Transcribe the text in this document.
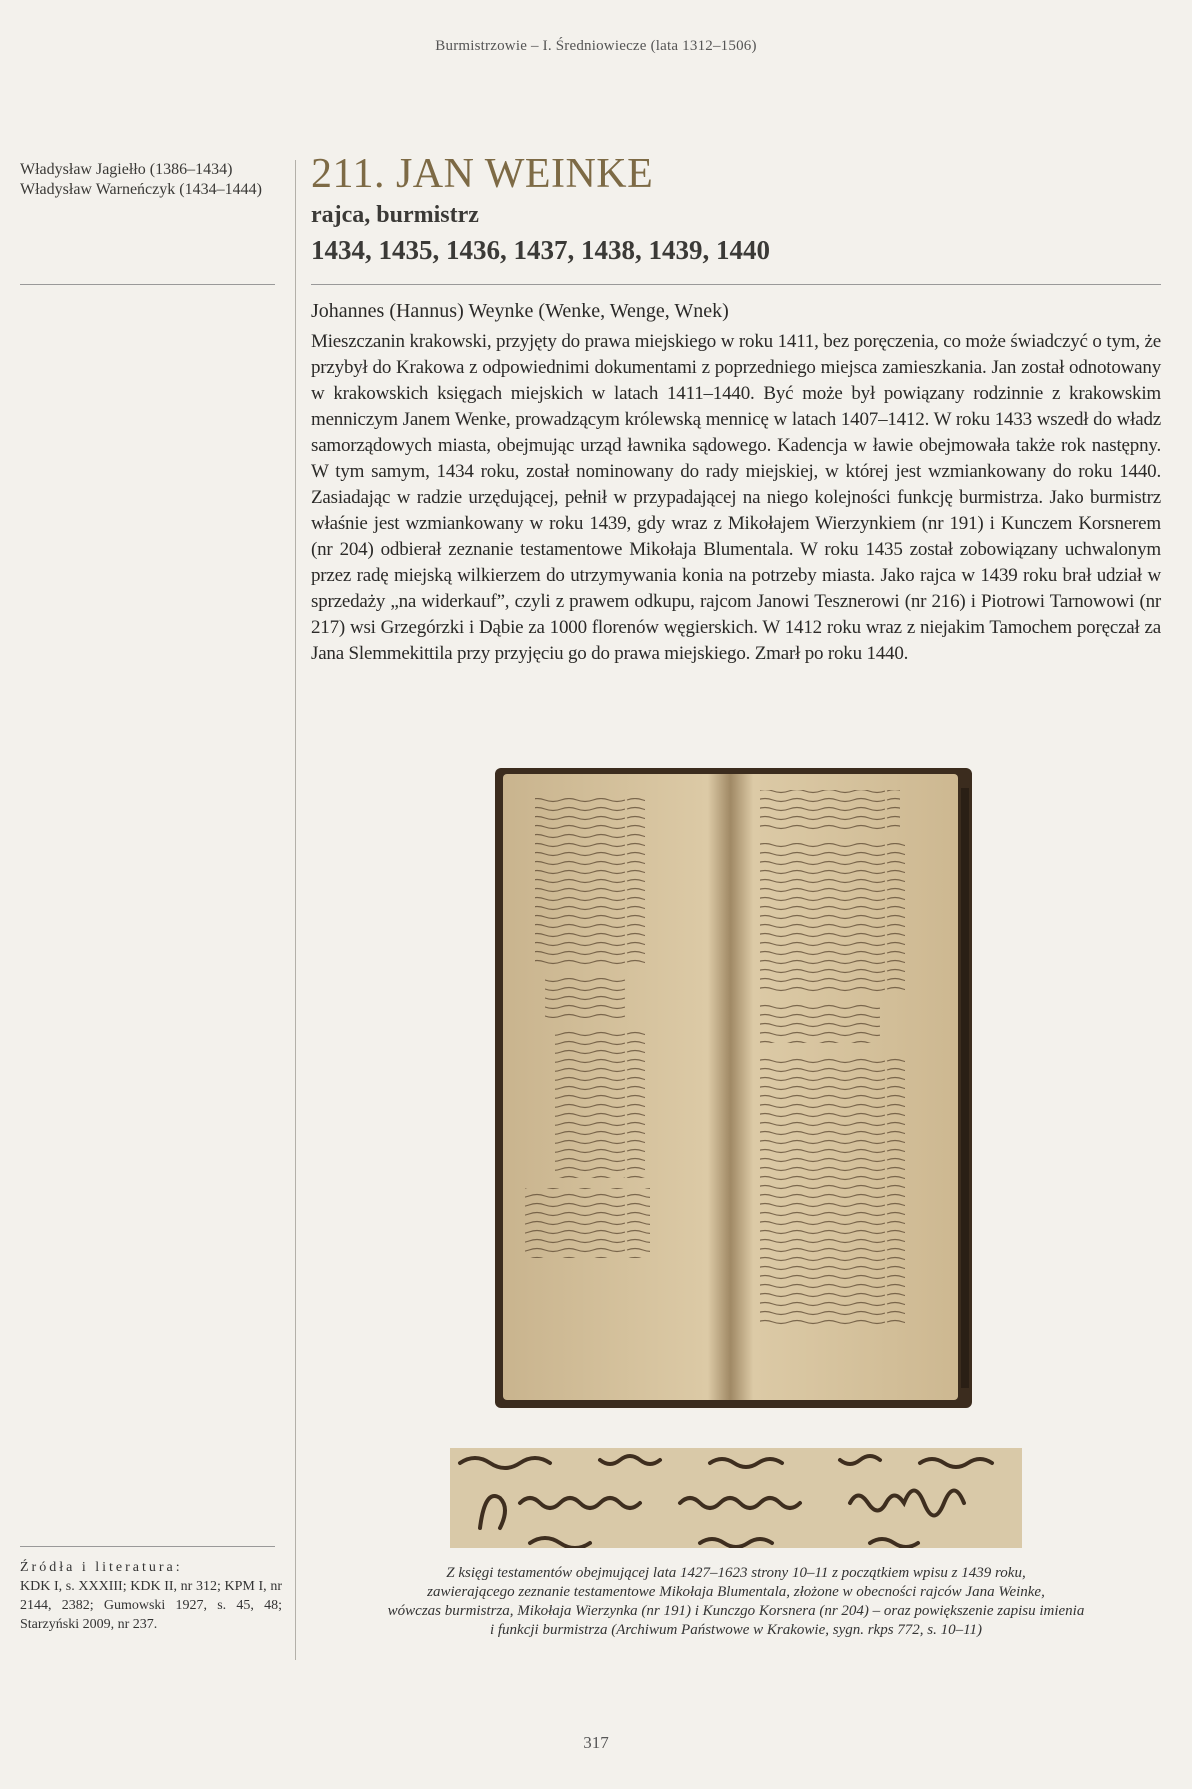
Burmistrzowie – I. Średniowiecze (lata 1312–1506)
Władysław Jagiełło (1386–1434)
Władysław Warneńczyk (1434–1444)	211. JAN WEINKE
rajca, burmistrz
1434, 1435, 1436, 1437, 1438, 1439, 1440
Johannes (Hannus) Weynke (Wenke, Wenge, Wnek)

Mieszczanin krakowski, przyjęty do prawa miejskiego w roku 1411, bez poręczenia, co może świadczyć o tym, że przybył do Krakowa z odpowiednimi dokumentami z poprzedniego miejsca zamieszkania. Jan został odnotowany w krakowskich księgach miejskich w latach 1411–1440. Być może był powiązany rodzinnie z krakowskim menniczym Janem Wenke, prowadzącym królewską mennicę w latach 1407–1412. W roku 1433 wszedł do władz samorządowych miasta, obejmując urząd ławnika sądowego. Kadencja w ławie obejmowała także rok następny. W tym samym, 1434 roku, został nominowany do rady miejskiej, w której jest wzmiankowany do roku 1440. Zasiadając w radzie urzędującej, pełnił w przypadającej na niego kolejności funkcję burmistrza. Jako burmistrz właśnie jest wzmiankowany w roku 1439, gdy wraz z Mikołajem Wierzynkiem (nr 191) i Kunczem Korsnerem (nr 204) odbierał zeznanie testamentowe Mikołaja Blumentala. W roku 1435 został zobowiązany uchwalonym przez radę miejską wilkierzem do utrzymywania konia na potrzeby miasta. Jako rajca w 1439 roku brał udział w sprzedaży „na widerkauf”, czyli z prawem odkupu, rajcom Janowi Tesznerowi (nr 216) i Piotrowi Tarnowowi (nr 217) wsi Grzegórzki i Dąbie za 1000 florenów węgierskich. W 1412 roku wraz z niejakim Tamochem poręczał za Jana Slemmekittila przy przyjęciu go do prawa miejskiego. Zmarł po roku 1440.

Źródła i literatura:
KDK I, s. XXXIII; KDK II, nr 312; KPM I, nr 2144, 2382; Gumowski 1927, s. 45, 48; Starzyński 2009, nr 237.
Z księgi testamentów obejmującej lata 1427–1623 strony 10–11 z początkiem wpisu z 1439 roku,
zawierającego zeznanie testamentowe Mikołaja Blumentala, złożone w obecności rajców Jana Weinke,
wówczas burmistrza, Mikołaja Wierzynka (nr 191) i Kunczgo Korsnera (nr 204) – oraz powiększenie zapisu imienia
i funkcji burmistrza (Archiwum Państwowe w Krakowie, sygn. rkps 772, s. 10–11)
317
